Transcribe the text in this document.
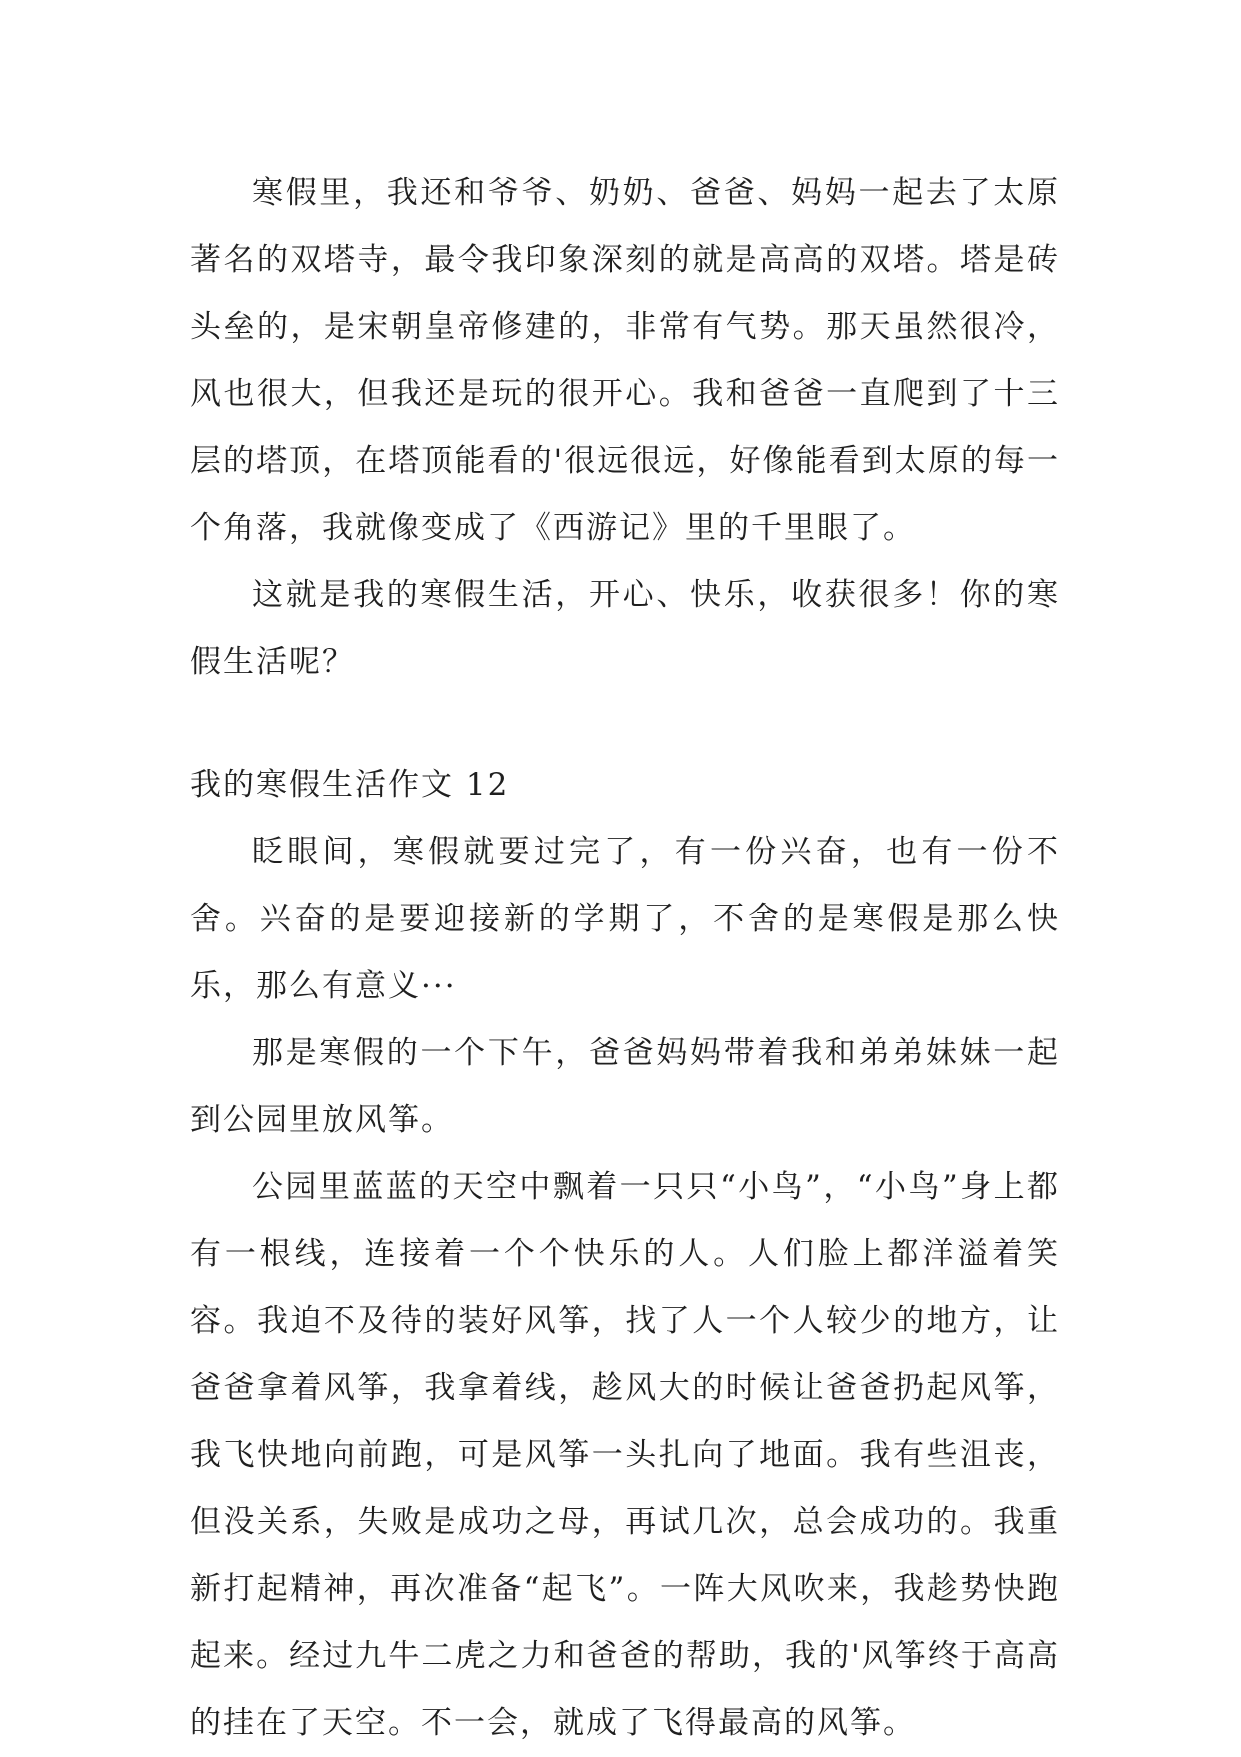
寒假里，我还和爷爷、奶奶、爸爸、妈妈一起去了太原著名的双塔寺，最令我印象深刻的就是高高的双塔。塔是砖头垒的，是宋朝皇帝修建的，非常有气势。那天虽然很冷，风也很大，但我还是玩的很开心。我和爸爸一直爬到了十三层的塔顶，在塔顶能看的'很远很远，好像能看到太原的每一个角落，我就像变成了《西游记》里的千里眼了。

这就是我的寒假生活，开心、快乐，收获很多！你的寒假生活呢？

我的寒假生活作文 12

眨眼间，寒假就要过完了，有一份兴奋，也有一份不舍。兴奋的是要迎接新的学期了，不舍的是寒假是那么快乐，那么有意义···

那是寒假的一个下午，爸爸妈妈带着我和弟弟妹妹一起到公园里放风筝。

公园里蓝蓝的天空中飘着一只只“小鸟”，“小鸟”身上都有一根线，连接着一个个快乐的人。人们脸上都洋溢着笑容。我迫不及待的装好风筝，找了人一个人较少的地方，让爸爸拿着风筝，我拿着线，趁风大的时候让爸爸扔起风筝，我飞快地向前跑，可是风筝一头扎向了地面。我有些沮丧，但没关系，失败是成功之母，再试几次，总会成功的。我重新打起精神，再次准备“起飞”。一阵大风吹来，我趁势快跑起来。经过九牛二虎之力和爸爸的帮助，我的'风筝终于高高的挂在了天空。不一会，就成了飞得最高的风筝。
